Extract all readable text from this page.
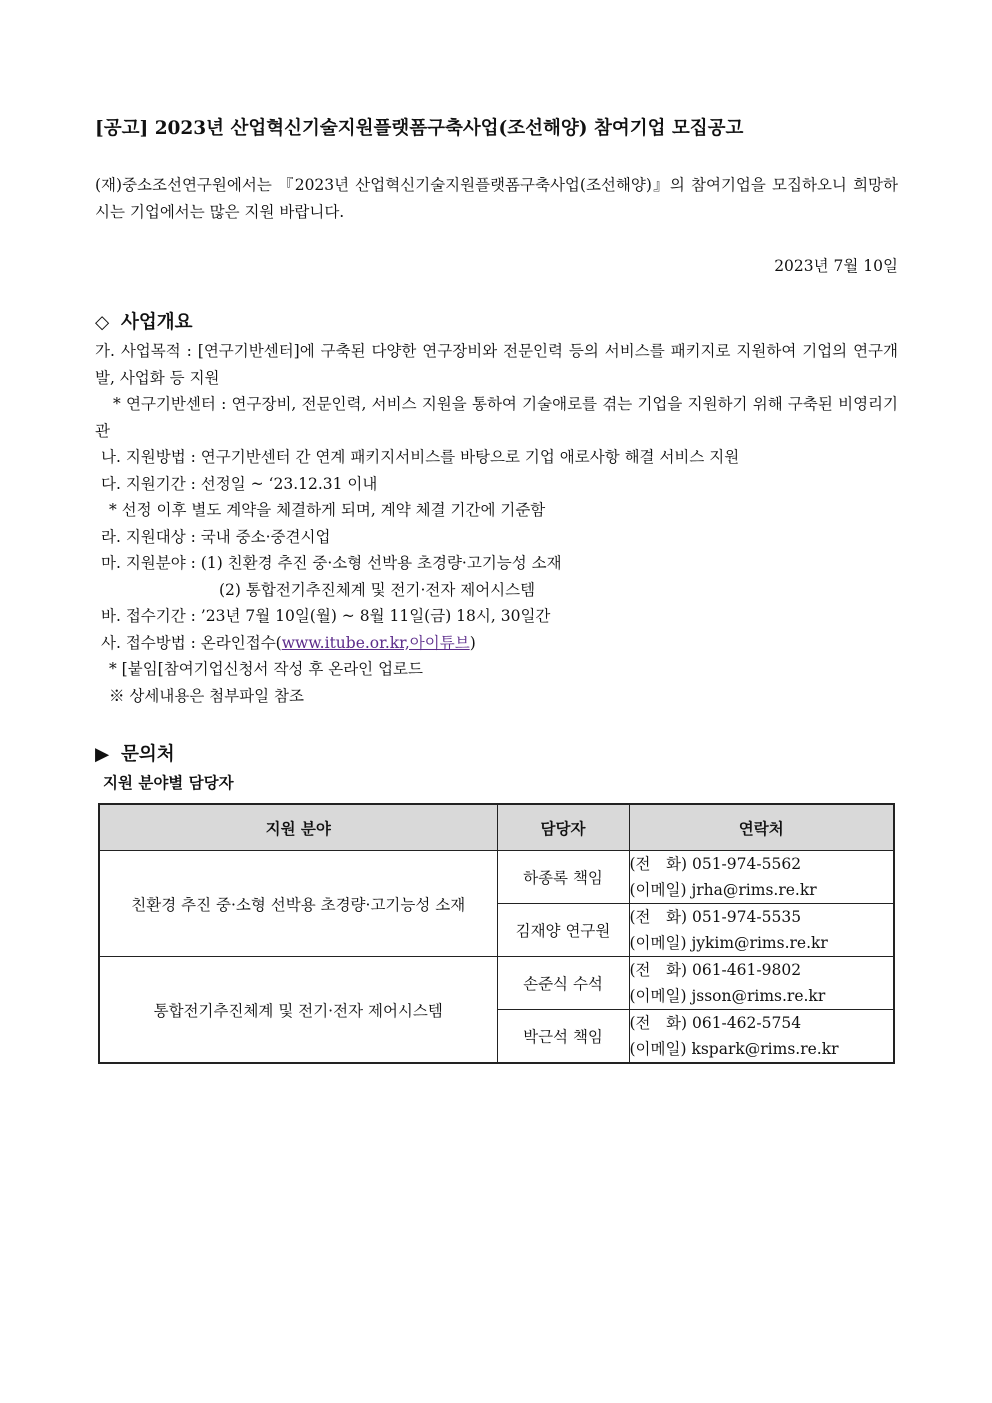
[공고] 2023년 산업혁신기술지원플랫폼구축사업(조선해양) 참여기업 모집공고
(재)중소조선연구원에서는 『2023년 산업혁신기술지원플랫폼구축사업(조선해양)』의 참여기업을 모집하오니 희망하시는 기업에서는 많은 지원 바랍니다.
2023년 7월 10일
◇ 사업개요
가. 사업목적 : [연구기반센터]에 구축된 다양한 연구장비와 전문인력 등의 서비스를 패키지로 지원하여 기업의 연구개발, 사업화 등 지원
* 연구기반센터 : 연구장비, 전문인력, 서비스 지원을 통하여 기술애로를 겪는 기업을 지원하기 위해 구축된 비영리기관
나. 지원방법 : 연구기반센터 간 연계 패키지서비스를 바탕으로 기업 애로사항 해결 서비스 지원
다. 지원기간 : 선정일 ~ ‘23.12.31 이내
* 선정 이후 별도 계약을 체결하게 되며, 계약 체결 기간에 기준함
라. 지원대상 : 국내 중소·중견시업
마. 지원분야 : (1) 친환경 추진 중·소형 선박용 초경량·고기능성 소재
(2) 통합전기추진체계 및 전기·전자 제어시스템
바. 접수기간 : ’23년 7월 10일(월) ~ 8월 11일(금) 18시, 30일간
사. 접수방법 : 온라인접수(www.itube.or.kr,아이튜브)
* [붙임[참여기업신청서 작성 후 온라인 업로드
※ 상세내용은 첨부파일 참조
▶ 문의처
지원 분야별 담당자
지원 분야	담당자	연락처
친환경 추진 중·소형 선박용 초경량·고기능성 소재	하종록 책임	(전　화) 051-974-5562
(이메일) jrha@rims.re.kr

	김재양 연구원	(전　화) 051-974-5535
(이메일) jykim@rims.re.kr

통합전기추진체계 및 전기·전자 제어시스템	손준식 수석	(전　화) 061-461-9802
(이메일) jsson@rims.re.kr

	박근석 책임	(전　화) 061-462-5754
(이메일) kspark@rims.re.kr
